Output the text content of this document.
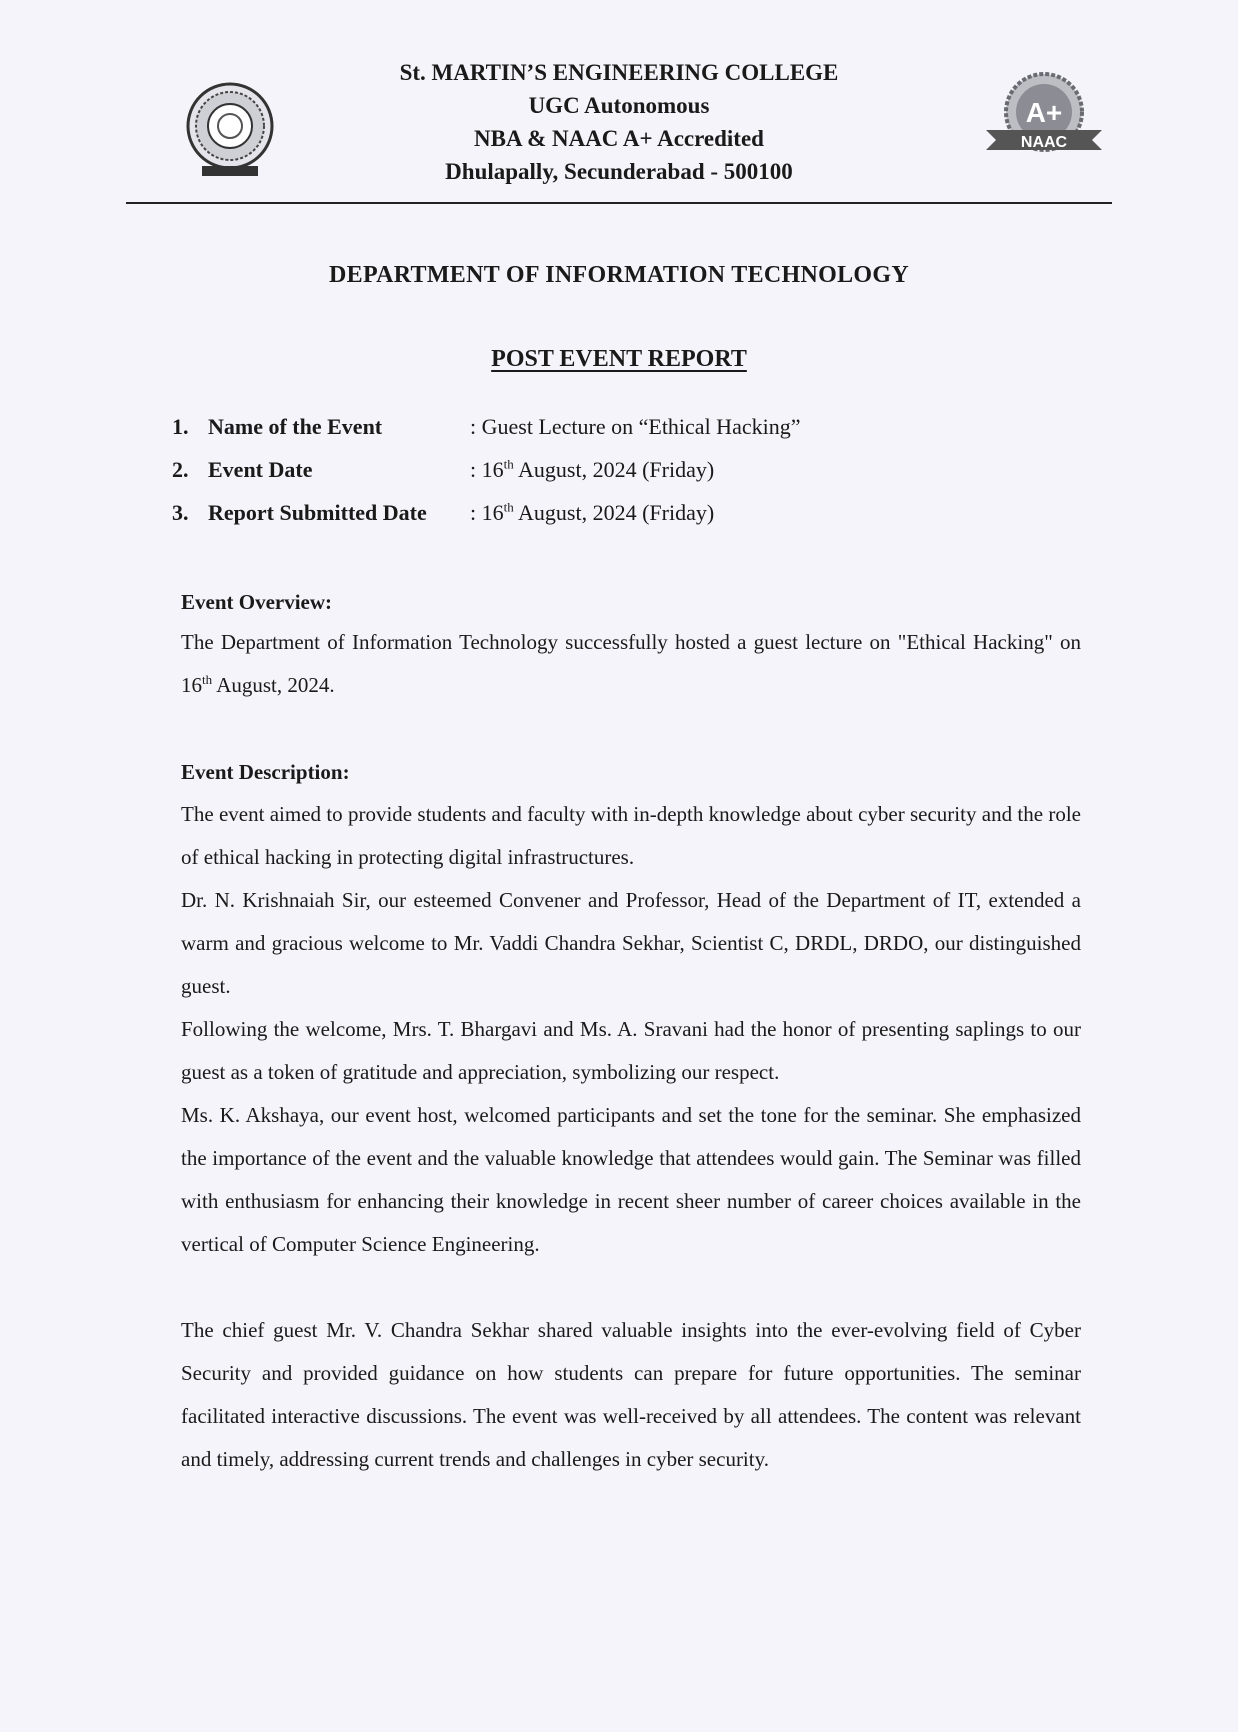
St. MARTIN’S ENGINEERING COLLEGE
UGC Autonomous
NBA & NAAC A+ Accredited
Dhulapally, Secunderabad - 500100
A+
NAAC
DEPARTMENT OF INFORMATION TECHNOLOGY
POST EVENT REPORT
1. Name of the Event	: Guest Lecture on “Ethical Hacking”
2. Event Date	: 16th August, 2024 (Friday)
3. Report Submitted Date : 16th August, 2024 (Friday)
Event Overview:

The Department of Information Technology successfully hosted a guest lecture on "Ethical Hacking" on 16th August, 2024.

Event Description:

The event aimed to provide students and faculty with in-depth knowledge about cyber security and the role of ethical hacking in protecting digital infrastructures.

Dr. N. Krishnaiah Sir, our esteemed Convener and Professor, Head of the Department of IT, extended a warm and gracious welcome to Mr. Vaddi Chandra Sekhar, Scientist C, DRDL, DRDO, our distinguished guest.

Following the welcome, Mrs. T. Bhargavi and Ms. A. Sravani had the honor of presenting saplings to our guest as a token of gratitude and appreciation, symbolizing our respect.

Ms. K. Akshaya, our event host, welcomed participants and set the tone for the seminar. She emphasized the importance of the event and the valuable knowledge that attendees would gain. The Seminar was filled with enthusiasm for enhancing their knowledge in recent sheer number of career choices available in the vertical of Computer Science Engineering.

The chief guest Mr. V. Chandra Sekhar shared valuable insights into the ever-evolving field of Cyber Security and provided guidance on how students can prepare for future opportunities. The seminar facilitated interactive discussions. The event was well-received by all attendees. The content was relevant and timely, addressing current trends and challenges in cyber security.
